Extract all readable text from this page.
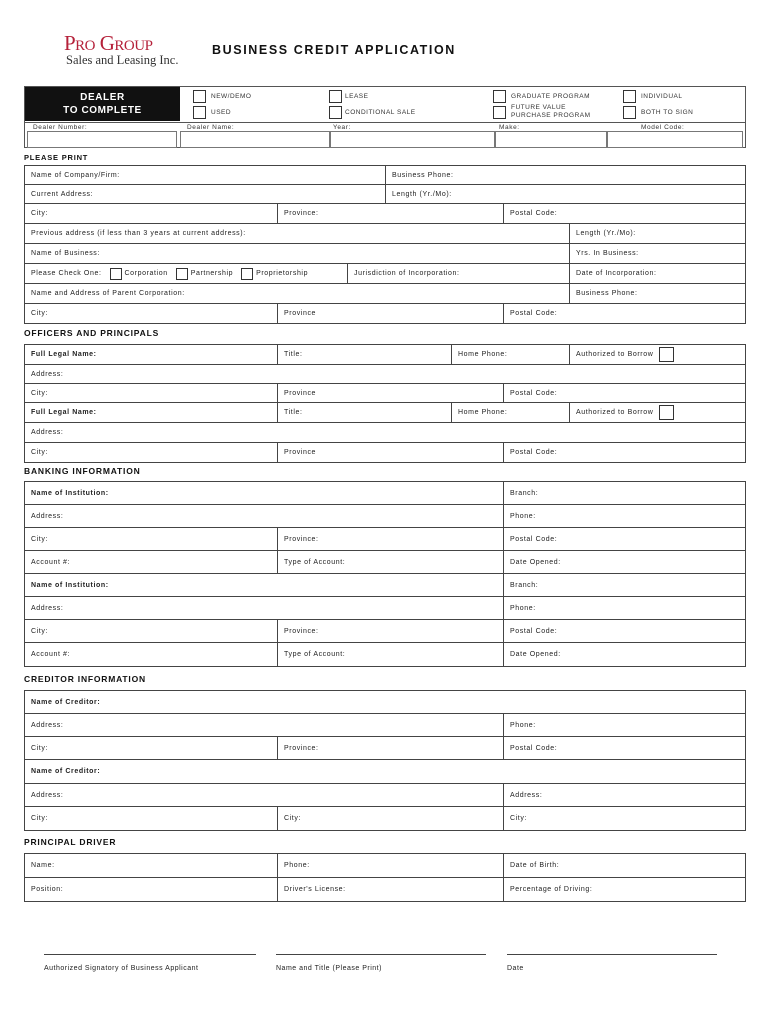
Pro Group
Sales and Leasing Inc.
BUSINESS CREDIT APPLICATION
DEALER
TO COMPLETE
NEW/DEMO
USED
LEASE
CONDITIONAL SALE
GRADUATE PROGRAM
FUTURE VALUE
PURCHASE PROGRAM
INDIVIDUAL
BOTH TO SIGN
Dealer Number:	Dealer Name:	Year:	Make:	Model Code:
PLEASE PRINT
Name of Company/Firm:	Business Phone:
Current Address:	Length (Yr./Mo):
City:	Province:	Postal Code:
Previous address (if less than 3 years at current address):	Length (Yr./Mo):
Name of Business:	Yrs. In Business:
Please Check One:	Corporation	Partnership	Proprietorship	Jurisdiction of Incorporation:	Date of Incorporation:
Name and Address of Parent Corporation:	Business Phone:
City:	Province	Postal Code:
OFFICERS AND PRINCIPALS
Full Legal Name:	Title:	Home Phone:	Authorized to Borrow
Address:
City:	Province	Postal Code:
Full Legal Name:	Title:	Home Phone:	Authorized to Borrow
Address:
City:	Province	Postal Code:
BANKING INFORMATION
Name of Institution:	Branch:
Address:	Phone:
City:	Province:	Postal Code:
Account #:	Type of Account:	Date Opened:
Name of Institution:	Branch:
Address:	Phone:
City:	Province:	Postal Code:
Account #:	Type of Account:	Date Opened:
CREDITOR INFORMATION
Name of Creditor:
Address:	Phone:
City:	Province:	Postal Code:
Name of Creditor:
Address:	Address:
City:	City:	City:
PRINCIPAL DRIVER
Name:	Phone:	Date of Birth:
Position:	Driver's License:	Percentage of Driving:
Authorized Signatory of Business Applicant	Name and Title (Please Print)	Date
